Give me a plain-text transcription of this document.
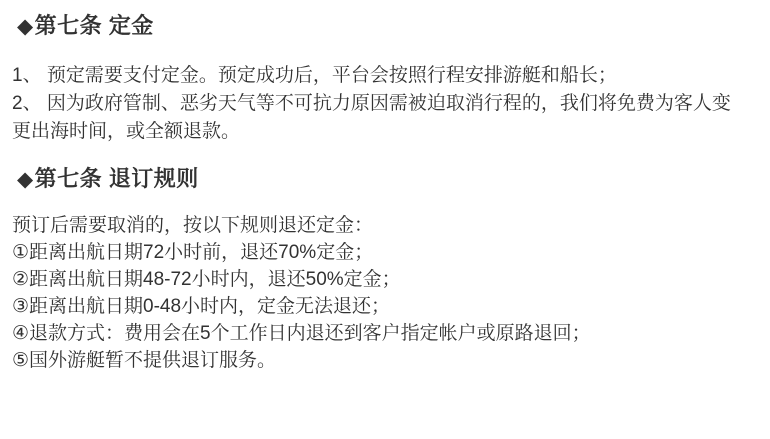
◆第七条 定金

1、 预定需要支付定金。预定成功后，平台会按照行程安排游艇和船长；

2、 因为政府管制、恶劣天气等不可抗力原因需被迫取消行程的，我们将免费为客人变更出海时间，或全额退款。

◆第七条 退订规则

预订后需要取消的，按以下规则退还定金：

①距离出航日期72小时前，退还70%定金；

②距离出航日期48-72小时内，退还50%定金；

③距离出航日期0-48小时内，定金无法退还；

④退款方式：费用会在5个工作日内退还到客户指定帐户或原路退回；

⑤国外游艇暂不提供退订服务。
